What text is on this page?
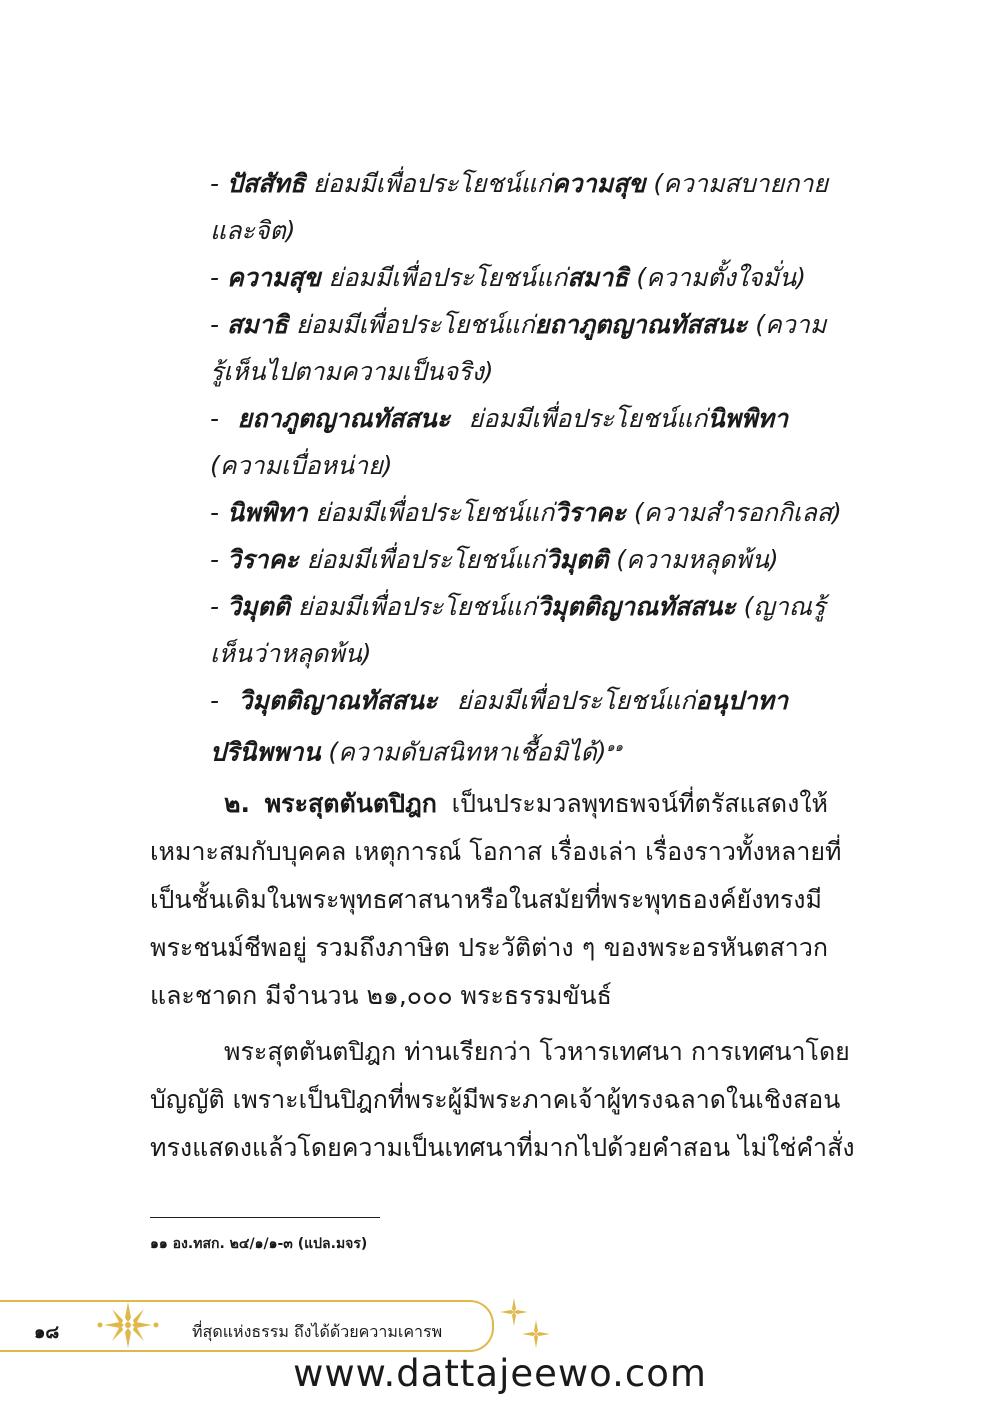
- ปัสสัทธิ ย่อมมีเพื่อประโยชน์แก่ความสุข (ความสบายกาย
และจิต)
- ความสุข ย่อมมีเพื่อประโยชน์แก่สมาธิ (ความตั้งใจมั่น)
- สมาธิ ย่อมมีเพื่อประโยชน์แก่ยถาภูตญาณทัสสนะ (ความ
รู้เห็นไปตามความเป็นจริง)
- ยถาภูตญาณทัสสนะ ย่อมมีเพื่อประโยชน์แก่นิพพิทา
(ความเบื่อหน่าย)
- นิพพิทา ย่อมมีเพื่อประโยชน์แก่วิราคะ (ความสำรอกกิเลส)
- วิราคะ ย่อมมีเพื่อประโยชน์แก่วิมุตติ (ความหลุดพ้น)
- วิมุตติ ย่อมมีเพื่อประโยชน์แก่วิมุตติญาณทัสสนะ (ญาณรู้
เห็นว่าหลุดพ้น)
- วิมุตติญาณทัสสนะ ย่อมมีเพื่อประโยชน์แก่อนุปาทา
ปรินิพพาน (ความดับสนิทหาเชื้อมิได้)$^{๑๑}$
๒. พระสุตตันตปิฎก เป็นประมวลพุทธพจน์ที่ตรัสแสดงให้
เหมาะสมกับบุคคล เหตุการณ์ โอกาส เรื่องเล่า เรื่องราวทั้งหลายที่
เป็นชั้นเดิมในพระพุทธศาสนาหรือในสมัยที่พระพุทธองค์ยังทรงมี
พระชนม์ชีพอยู่ รวมถึงภาษิต ประวัติต่าง ๆ ของพระอรหันตสาวก
และชาดก มีจำนวน ๒๑,๐๐๐ พระธรรมขันธ์
พระสุตตันตปิฎก ท่านเรียกว่า โวหารเทศนา การเทศนาโดย
บัญญัติ เพราะเป็นปิฎกที่พระผู้มีพระภาคเจ้าผู้ทรงฉลาดในเชิงสอน
ทรงแสดงแล้วโดยความเป็นเทศนาที่มากไปด้วยคำสอน ไม่ใช่คำสั่ง
๑๑ อง.ทสก. ๒๔/๑/๑-๓ (แปล.มจร)
๑๘	ที่สุดแห่งธรรม ถึงได้ด้วยความเคารพ
www.dattajeewo.com
